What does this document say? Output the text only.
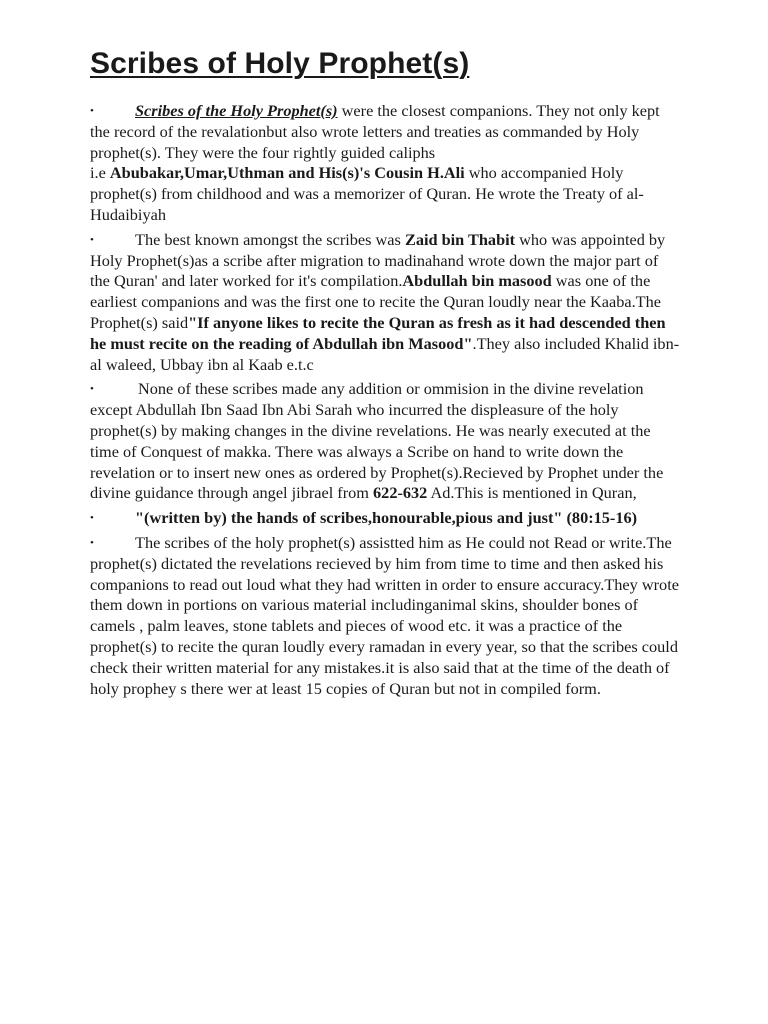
Scribes of Holy Prophet(s)
•	Scribes of the Holy Prophet(s) were the closest companions. They not only kept the record of the revalationbut also wrote letters and treaties as commanded by Holy prophet(s). They were the four rightly guided caliphs
i.e Abubakar,Umar,Uthman and His(s)'s Cousin H.Ali who accompanied Holy prophet(s) from childhood and was a memorizer of Quran. He wrote the Treaty of al-Hudaibiyah
•	The best known amongst the scribes was Zaid bin Thabit who was appointed by Holy Prophet(s)as a scribe after migration to madinahand wrote down the major part of the Quran' and later worked for it's compilation.Abdullah bin masood was one of the earliest companions and was the first one to recite the Quran loudly near the Kaaba.The Prophet(s) said"If anyone likes to recite the Quran as fresh as it had descended then he must recite on the reading of Abdullah ibn Masood".They also included Khalid ibn-al waleed, Ubbay ibn al Kaab e.t.c
•	None of these scribes made any addition or ommision in the divine revelation except Abdullah Ibn Saad Ibn Abi Sarah who incurred the displeasure of the holy prophet(s) by making changes in the divine revelations. He was nearly executed at the time of Conquest of makka. There was always a Scribe on hand to write down the revelation or to insert new ones as ordered by Prophet(s).Recieved by Prophet under the divine guidance through angel jibrael from 622-632 Ad.This is mentioned in Quran,
•	"(written by) the hands of scribes,honourable,pious and just" (80:15-16)
•	The scribes of the holy prophet(s) assistted him as He could not Read or write.The prophet(s) dictated the revelations recieved by him from time to time and then asked his companions to read out loud what they had written in order to ensure accuracy.They wrote them down in portions on various material includinganimal skins, shoulder bones of camels , palm leaves, stone tablets and pieces of wood etc. it was a practice of the prophet(s) to recite the quran loudly every ramadan in every year, so that the scribes could check their written material for any mistakes.it is also said that at the time of the death of holy prophey s there wer at least 15 copies of Quran but not in compiled form.
